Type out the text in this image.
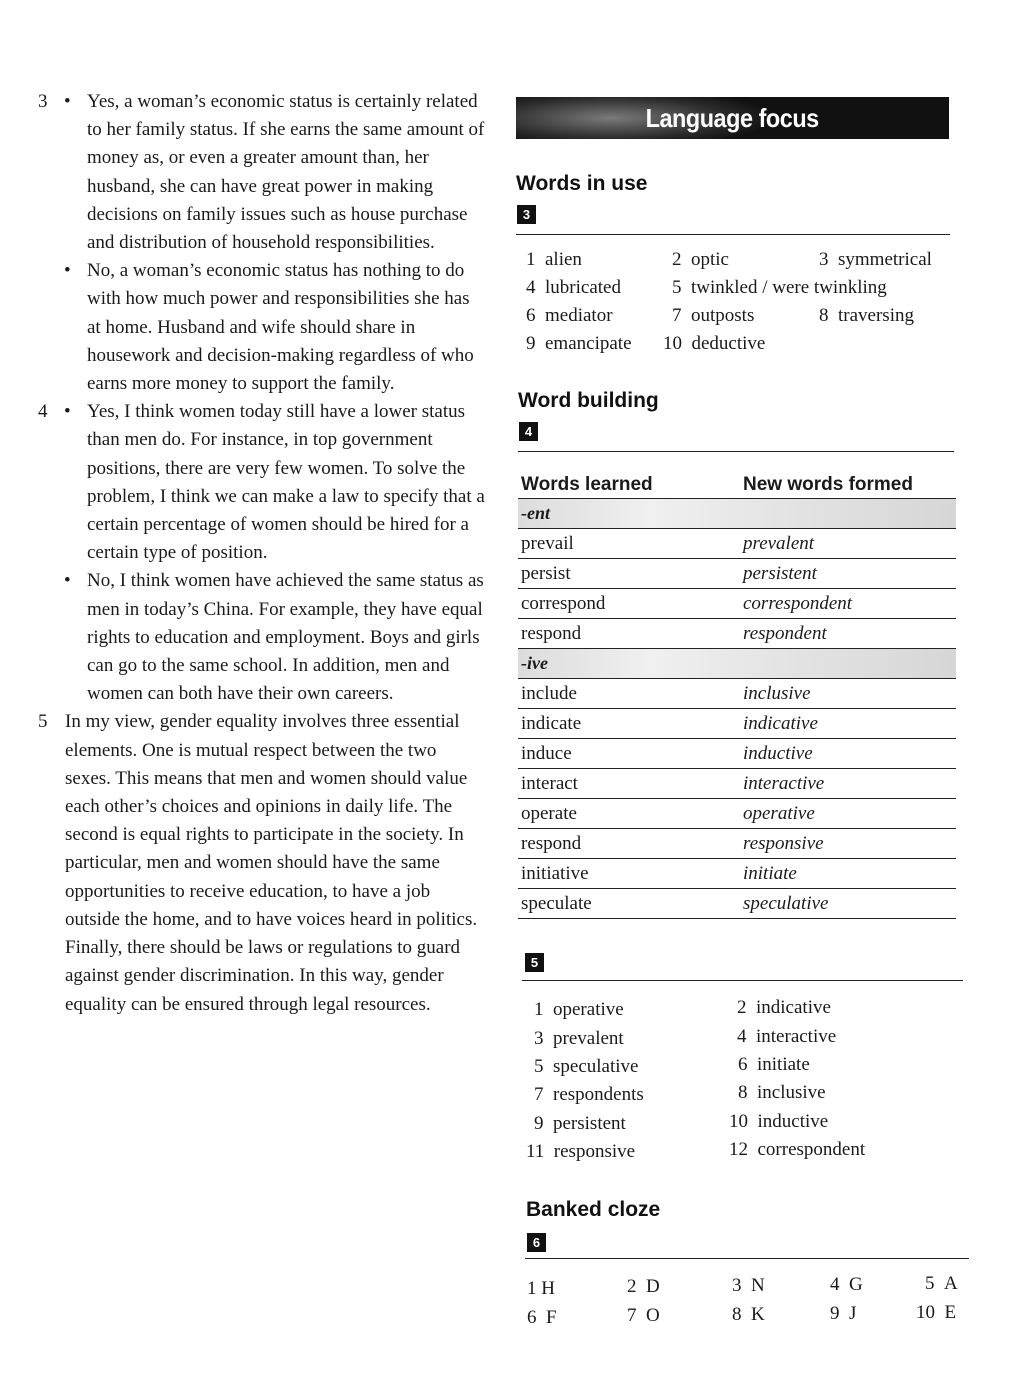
3 • Yes, a woman’s economic status is certainly related to her family status. If she earns the same amount of money as, or even a greater amount than, her husband, she can have great power in making decisions on family issues such as house purchase and distribution of household responsibilities.

• No, a woman’s economic status has nothing to do with how much power and responsibilities she has at home. Husband and wife should share in housework and decision-making regardless of who earns more money to support the family.

4 • Yes, I think women today still have a lower status than men do. For instance, in top government positions, there are very few women. To solve the problem, I think we can make a law to specify that a certain percentage of women should be hired for a certain type of position.

• No, I think women have achieved the same status as men in today’s China. For example, they have equal rights to education and employment. Boys and girls can go to the same school. In addition, men and women can both have their own careers.

5 In my view, gender equality involves three essential elements. One is mutual respect between the two sexes. This means that men and women should value each other’s choices and opinions in daily life. The second is equal rights to participate in the society. In particular, men and women should have the same opportunities to receive education, to have a job outside the home, and to have voices heard in politics. Finally, there should be laws or regulations to guard against gender discrimination. In this way, gender equality can be ensured through legal resources.

Language focus
Words in use
3
1 alien	2 optic	3 symmetrical
4 lubricated	5 twinkled / were twinkling
6 mediator	7 outposts	8 traversing
9 emancipate 10 deductive
Word building
4
Words learned	New words formed
-ent
prevail	prevalent
persist	persistent
correspond	correspondent
respond	respondent
-ive
include	inclusive
indicate	indicative
induce	inductive
interact	interactive
operate	operative
respond	responsive
initiative	initiate
speculate	speculative
5
1 operative	2 indicative
3 prevalent	4 interactive
5 speculative	6 initiate
7 respondents	8 inclusive
9 persistent	10 inductive
11 responsive	12 correspondent
Banked cloze
6
1 H	2 D	3 N	4 G	5 A
6 F	7 O	8 K	9 J	10 E
